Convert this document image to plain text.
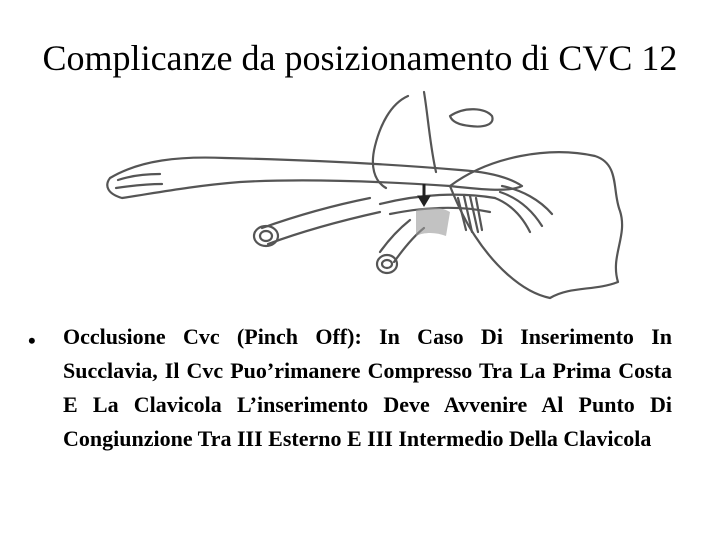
Complicanze da posizionamento di CVC 12
• Occlusione Cvc (Pinch Off): In Caso Di Inserimento In Succlavia, Il Cvc Puo’rimanere Compresso Tra La Prima Costa E La Clavicola L’inserimento Deve Avvenire Al Punto Di Congiunzione Tra III Esterno E III Intermedio Della Clavicola
